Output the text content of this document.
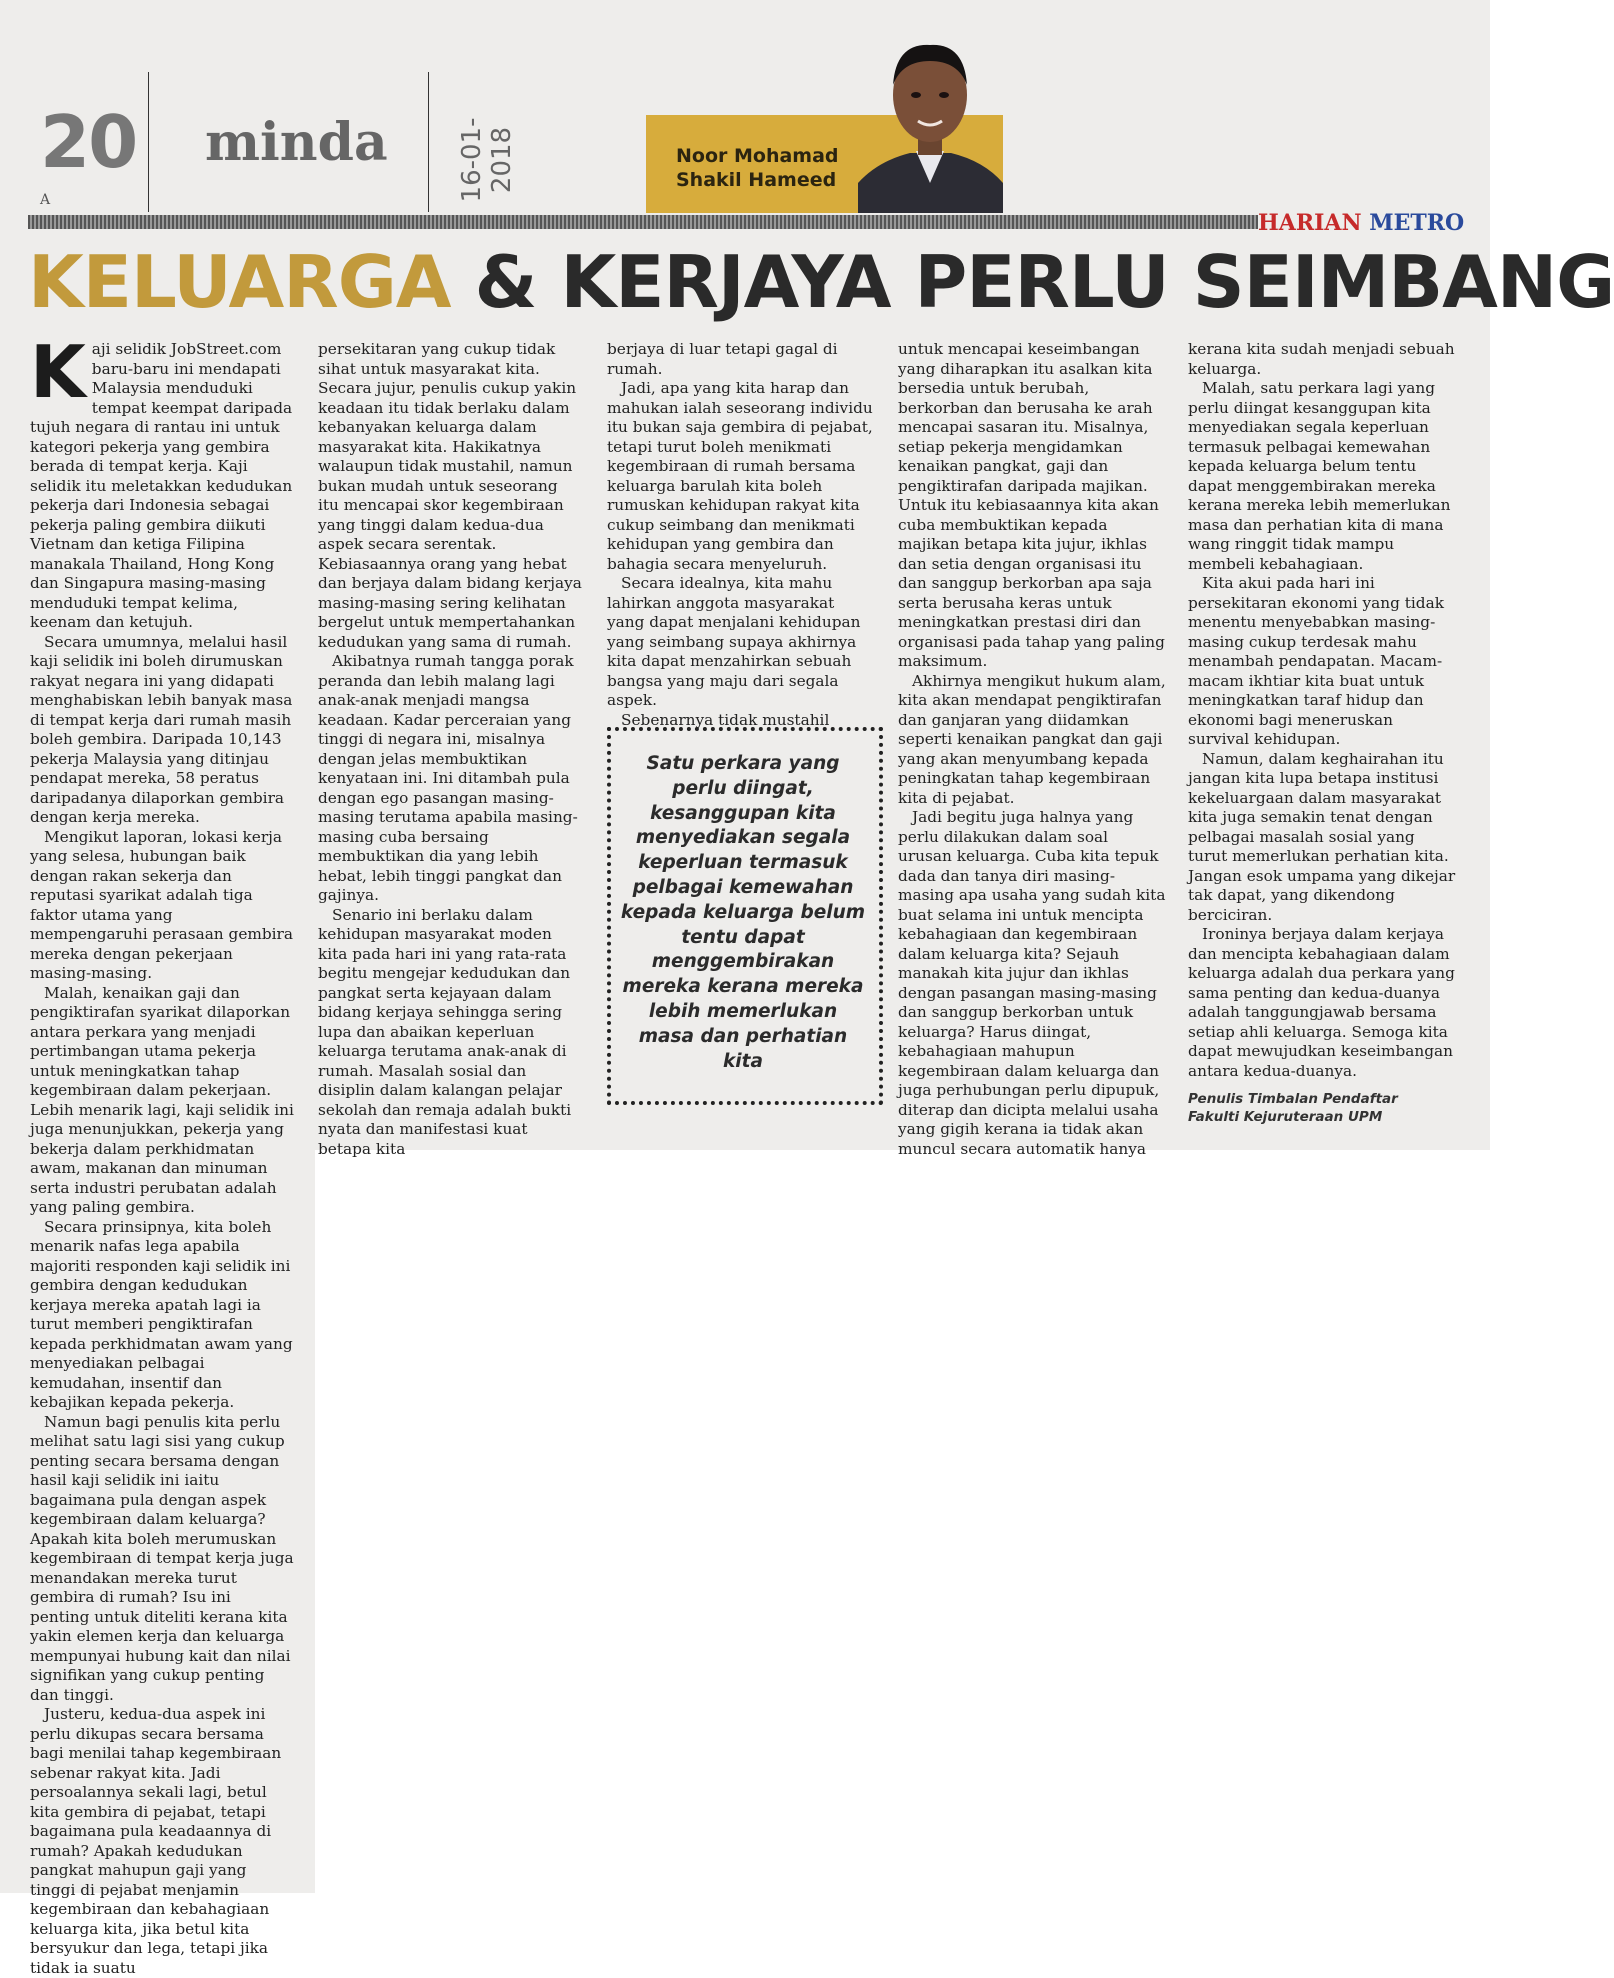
20 minda
A	16-01-2018	Noor Mohamad
Shakil Hameed
HARIAN METRO
KELUARGA & KERJAYA PERLU SEIMBANG

Kaji selidik JobStreet.com baru-baru ini mendapati Malaysia menduduki tempat keempat daripada tujuh negara di rantau ini untuk kategori pekerja yang gembira berada di tempat kerja. Kaji selidik itu meletakkan kedudukan pekerja dari Indonesia sebagai pekerja paling gembira diikuti Vietnam dan ketiga Filipina manakala Thailand, Hong Kong dan Singapura masing-masing menduduki tempat kelima, keenam dan ketujuh.

Secara umumnya, melalui hasil kaji selidik ini boleh dirumuskan rakyat negara ini yang didapati menghabiskan lebih banyak masa di tempat kerja dari rumah masih boleh gembira. Daripada 10,143 pekerja Malaysia yang ditinjau pendapat mereka, 58 peratus daripadanya dilaporkan gembira dengan kerja mereka.

Mengikut laporan, lokasi kerja yang selesa, hubungan baik dengan rakan sekerja dan reputasi syarikat adalah tiga faktor utama yang mempengaruhi perasaan gembira mereka dengan pekerjaan masing-masing.

Malah, kenaikan gaji dan pengiktirafan syarikat dilaporkan antara perkara yang menjadi pertimbangan utama pekerja untuk meningkatkan tahap kegembiraan dalam pekerjaan. Lebih menarik lagi, kaji selidik ini juga menunjukkan, pekerja yang bekerja dalam perkhidmatan awam, makanan dan minuman serta industri perubatan adalah yang paling gembira.

Secara prinsipnya, kita boleh menarik nafas lega apabila majoriti responden kaji selidik ini gembira dengan kedudukan kerjaya mereka apatah lagi ia turut memberi pengiktirafan kepada perkhidmatan awam yang menyediakan pelbagai kemudahan, insentif dan kebajikan kepada pekerja.

Namun bagi penulis kita perlu melihat satu lagi sisi yang cukup penting secara bersama dengan hasil kaji selidik ini iaitu bagaimana pula dengan aspek kegembiraan dalam keluarga? Apakah kita boleh merumuskan kegembiraan di tempat kerja juga menandakan mereka turut gembira di rumah? Isu ini penting untuk diteliti kerana kita yakin elemen kerja dan keluarga mempunyai hubung kait dan nilai signifikan yang cukup penting dan tinggi.

Justeru, kedua-dua aspek ini perlu dikupas secara bersama bagi menilai tahap kegembiraan sebenar rakyat kita. Jadi persoalannya sekali lagi, betul kita gembira di pejabat, tetapi bagaimana pula keadaannya di rumah? Apakah kedudukan pangkat mahupun gaji yang tinggi di pejabat menjamin kegembiraan dan kebahagiaan keluarga kita, jika betul kita bersyukur dan lega, tetapi jika tidak ia suatu

persekitaran yang cukup tidak sihat untuk masyarakat kita. Secara jujur, penulis cukup yakin keadaan itu tidak berlaku dalam kebanyakan keluarga dalam masyarakat kita. Hakikatnya walaupun tidak mustahil, namun bukan mudah untuk seseorang itu mencapai skor kegembiraan yang tinggi dalam kedua-dua aspek secara serentak. Kebiasaannya orang yang hebat dan berjaya dalam bidang kerjaya masing-masing sering kelihatan bergelut untuk mempertahankan kedudukan yang sama di rumah.

Akibatnya rumah tangga porak peranda dan lebih malang lagi anak-anak menjadi mangsa keadaan. Kadar perceraian yang tinggi di negara ini, misalnya dengan jelas membuktikan kenyataan ini. Ini ditambah pula dengan ego pasangan masing-masing terutama apabila masing-masing cuba bersaing membuktikan dia yang lebih hebat, lebih tinggi pangkat dan gajinya.

Senario ini berlaku dalam kehidupan masyarakat moden kita pada hari ini yang rata-rata begitu mengejar kedudukan dan pangkat serta kejayaan dalam bidang kerjaya sehingga sering lupa dan abaikan keperluan keluarga terutama anak-anak di rumah. Masalah sosial dan disiplin dalam kalangan pelajar sekolah dan remaja adalah bukti nyata dan manifestasi kuat betapa kita

berjaya di luar tetapi gagal di rumah.

Jadi, apa yang kita harap dan mahukan ialah seseorang individu itu bukan saja gembira di pejabat, tetapi turut boleh menikmati kegembiraan di rumah bersama keluarga barulah kita boleh rumuskan kehidupan rakyat kita cukup seimbang dan menikmati kehidupan yang gembira dan bahagia secara menyeluruh.

Secara idealnya, kita mahu lahirkan anggota masyarakat yang dapat menjalani kehidupan yang seimbang supaya akhirnya kita dapat menzahirkan sebuah bangsa yang maju dari segala aspek.

Sebenarnya tidak mustahil

Satu perkara yang perlu diingat, kesanggupan kita menyediakan segala keperluan termasuk pelbagai kemewahan kepada keluarga belum tentu dapat menggembirakan mereka kerana mereka lebih memerlukan masa dan perhatian kita

untuk mencapai keseimbangan yang diharapkan itu asalkan kita bersedia untuk berubah, berkorban dan berusaha ke arah mencapai sasaran itu. Misalnya, setiap pekerja mengidamkan kenaikan pangkat, gaji dan pengiktirafan daripada majikan. Untuk itu kebiasaannya kita akan cuba membuktikan kepada majikan betapa kita jujur, ikhlas dan setia dengan organisasi itu dan sanggup berkorban apa saja serta berusaha keras untuk meningkatkan prestasi diri dan organisasi pada tahap yang paling maksimum.

Akhirnya mengikut hukum alam, kita akan mendapat pengiktirafan dan ganjaran yang diidamkan seperti kenaikan pangkat dan gaji yang akan menyumbang kepada peningkatan tahap kegembiraan kita di pejabat.

Jadi begitu juga halnya yang perlu dilakukan dalam soal urusan keluarga. Cuba kita tepuk dada dan tanya diri masing-masing apa usaha yang sudah kita buat selama ini untuk mencipta kebahagiaan dan kegembiraan dalam keluarga kita? Sejauh manakah kita jujur dan ikhlas dengan pasangan masing-masing dan sanggup berkorban untuk keluarga? Harus diingat, kebahagiaan mahupun kegembiraan dalam keluarga dan juga perhubungan perlu dipupuk, diterap dan dicipta melalui usaha yang gigih kerana ia tidak akan muncul secara automatik hanya

kerana kita sudah menjadi sebuah keluarga.

Malah, satu perkara lagi yang perlu diingat kesanggupan kita menyediakan segala keperluan termasuk pelbagai kemewahan kepada keluarga belum tentu dapat menggembirakan mereka kerana mereka lebih memerlukan masa dan perhatian kita di mana wang ringgit tidak mampu membeli kebahagiaan.

Kita akui pada hari ini persekitaran ekonomi yang tidak menentu menyebabkan masing-masing cukup terdesak mahu menambah pendapatan. Macam-macam ikhtiar kita buat untuk meningkatkan taraf hidup dan ekonomi bagi meneruskan survival kehidupan.

Namun, dalam keghairahan itu jangan kita lupa betapa institusi kekeluargaan dalam masyarakat kita juga semakin tenat dengan pelbagai masalah sosial yang turut memerlukan perhatian kita. Jangan esok umpama yang dikejar tak dapat, yang dikendong berciciran.

Ironinya berjaya dalam kerjaya dan mencipta kebahagiaan dalam keluarga adalah dua perkara yang sama penting dan kedua-duanya adalah tanggungjawab bersama setiap ahli keluarga. Semoga kita dapat mewujudkan keseimbangan antara kedua-duanya.

Penulis Timbalan Pendaftar
Fakulti Kejuruteraan UPM
